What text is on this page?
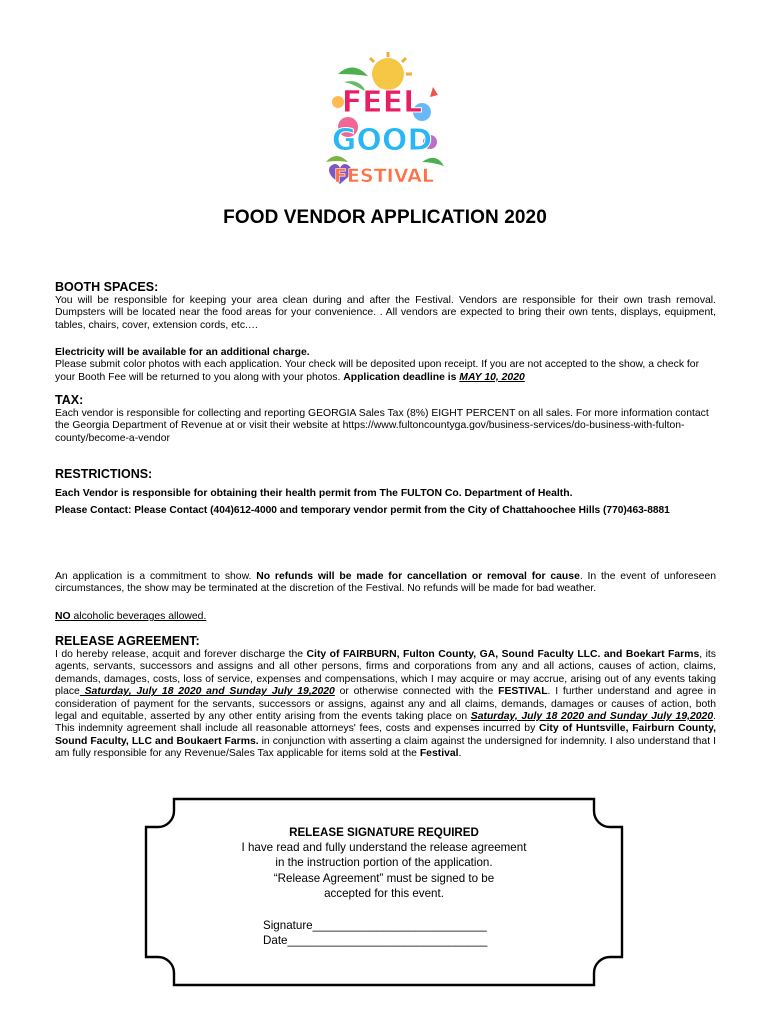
FEEL
GOOD
FESTIVAL
FOOD VENDOR APPLICATION 2020
BOOTH SPACES:
You will be responsible for keeping your area clean during and after the Festival. Vendors are responsible for their own trash removal. Dumpsters will be located near the food areas for your convenience. . All vendors are expected to bring their own tents, displays, equipment, tables, chairs, cover, extension cords, etc.…
Electricity will be available for an additional charge.
Please submit color photos with each application. Your check will be deposited upon receipt. If you are not accepted to the show, a check for your Booth Fee will be returned to you along with your photos. Application deadline is MAY 10, 2020
TAX:
Each vendor is responsible for collecting and reporting GEORGIA Sales Tax (8%) EIGHT PERCENT on all sales. For more information contact the Georgia Department of Revenue at or visit their website at https://www.fultoncountyga.gov/business-services/do-business-with-fulton-county/become-a-vendor
RESTRICTIONS:
Each Vendor is responsible for obtaining their health permit from The FULTON Co. Department of Health.
Please Contact: Please Contact (404)612-4000 and temporary vendor permit from the City of Chattahoochee Hills (770)463-8881
An application is a commitment to show. No refunds will be made for cancellation or removal for cause. In the event of unforeseen circumstances, the show may be terminated at the discretion of the Festival. No refunds will be made for bad weather.
NO alcoholic beverages allowed.
RELEASE AGREEMENT:
I do hereby release, acquit and forever discharge the City of FAIRBURN, Fulton County, GA, Sound Faculty LLC. and Boekart Farms, its agents, servants, successors and assigns and all other persons, firms and corporations from any and all actions, causes of action, claims, demands, damages, costs, loss of service, expenses and compensations, which I may acquire or may accrue, arising out of any events taking place Saturday, July 18 2020 and Sunday July 19,2020 or otherwise connected with the FESTIVAL. I further understand and agree in consideration of payment for the servants, successors or assigns, against any and all claims, demands, damages or causes of action, both legal and equitable, asserted by any other entity arising from the events taking place on Saturday, July 18 2020 and Sunday July 19,2020. This indemnity agreement shall include all reasonable attorneys' fees, costs and expenses incurred by City of Huntsville, Fairburn County, Sound Faculty, LLC and Boukaert Farms. in conjunction with asserting a claim against the undersigned for indemnity. I also understand that I am fully responsible for any Revenue/Sales Tax applicable for items sold at the Festival.
RELEASE SIGNATURE REQUIRED
I have read and fully understand the release agreement
in the instruction portion of the application.
“Release Agreement” must be signed to be
accepted for this event.
Signature___________________________
Date_______________________________
